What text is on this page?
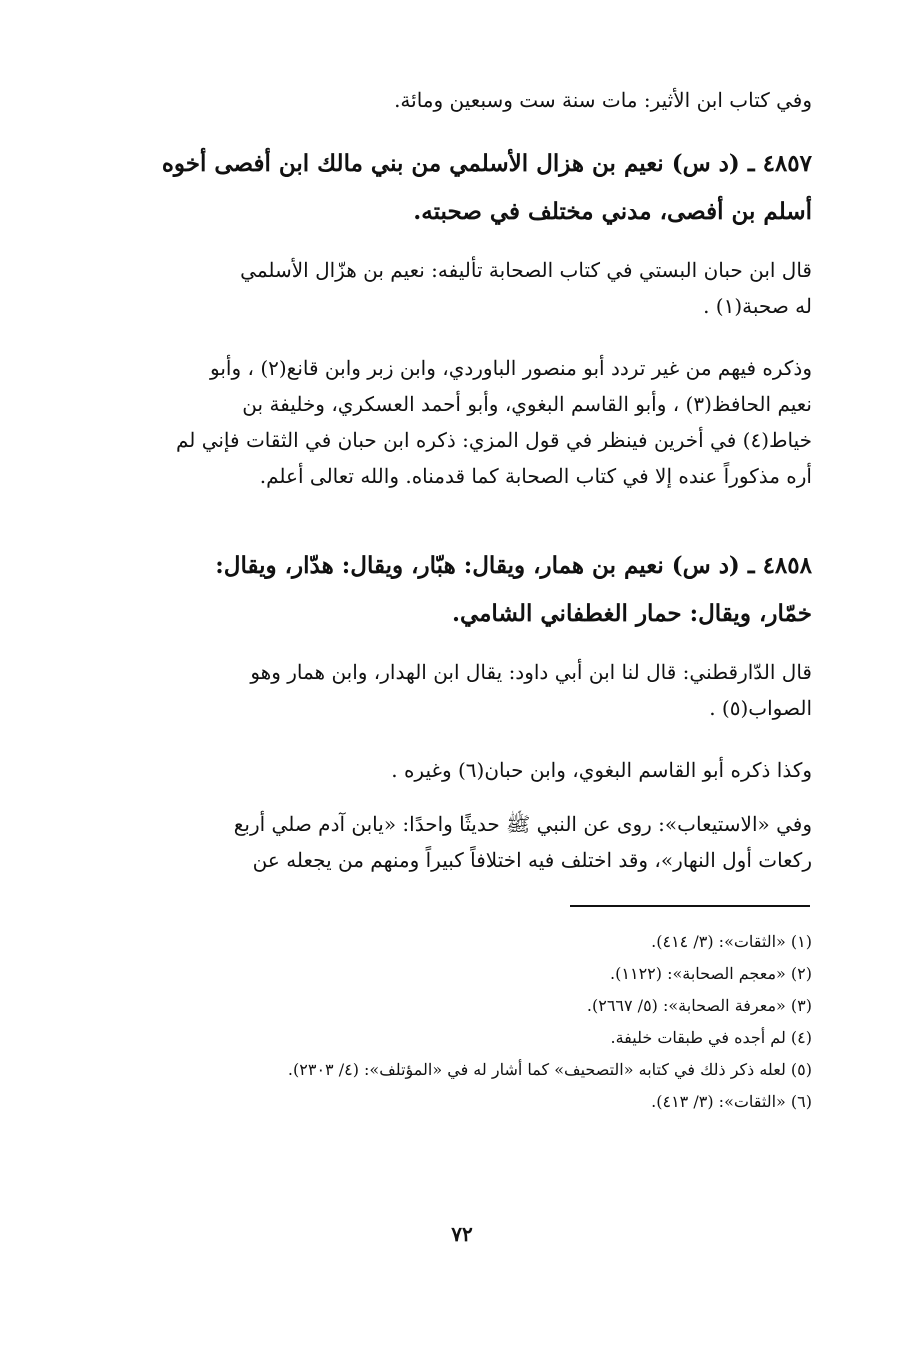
وفي كتاب ابن الأثير: مات سنة ست وسبعين ومائة.
٤٨٥٧ ـ (د س) نعيم بن هزال الأسلمي من بني مالك ابن أفصى أخوه
أسلم بن أفصى، مدني مختلف في صحبته.
قال ابن حبان البستي في كتاب الصحابة تأليفه: نعيم بن هزّال الأسلمي
له صحبة(١) .
وذكره فيهم من غير تردد أبو منصور الباوردي، وابن زبر وابن قانع(٢) ، وأبو
نعيم الحافظ(٣) ، وأبو القاسم البغوي، وأبو أحمد العسكري، وخليفة بن
خياط(٤) في أخرين فينظر في قول المزي: ذكره ابن حبان في الثقات فإني لم
أره مذكوراً عنده إلا في كتاب الصحابة كما قدمناه. والله تعالى أعلم.
٤٨٥٨ ـ (د س) نعيم بن همار، ويقال: هبّار، ويقال: هدّار، ويقال:
خمّار، ويقال: حمار الغطفاني الشامي.
قال الدّارقطني: قال لنا ابن أبي داود: يقال ابن الهدار، وابن همار وهو
الصواب(٥) .
وكذا ذكره أبو القاسم البغوي، وابن حبان(٦) وغيره .
وفي «الاستيعاب»: روى عن النبي ﷺ حديثًا واحدًا: «يابن آدم صلي أربع
ركعات أول النهار»، وقد اختلف فيه اختلافاً كبيراً ومنهم من يجعله عن
(١) «الثقات»: (٣/ ٤١٤).
(٢) «معجم الصحابة»: (١١٢٢).
(٣) «معرفة الصحابة»: (٥/ ٢٦٦٧).
(٤) لم أجده في طبقات خليفة.
(٥) لعله ذكر ذلك في كتابه «التصحيف» كما أشار له في «المؤتلف»: (٤/ ٢٣٠٣).
(٦) «الثقات»: (٣/ ٤١٣).
٧٢
